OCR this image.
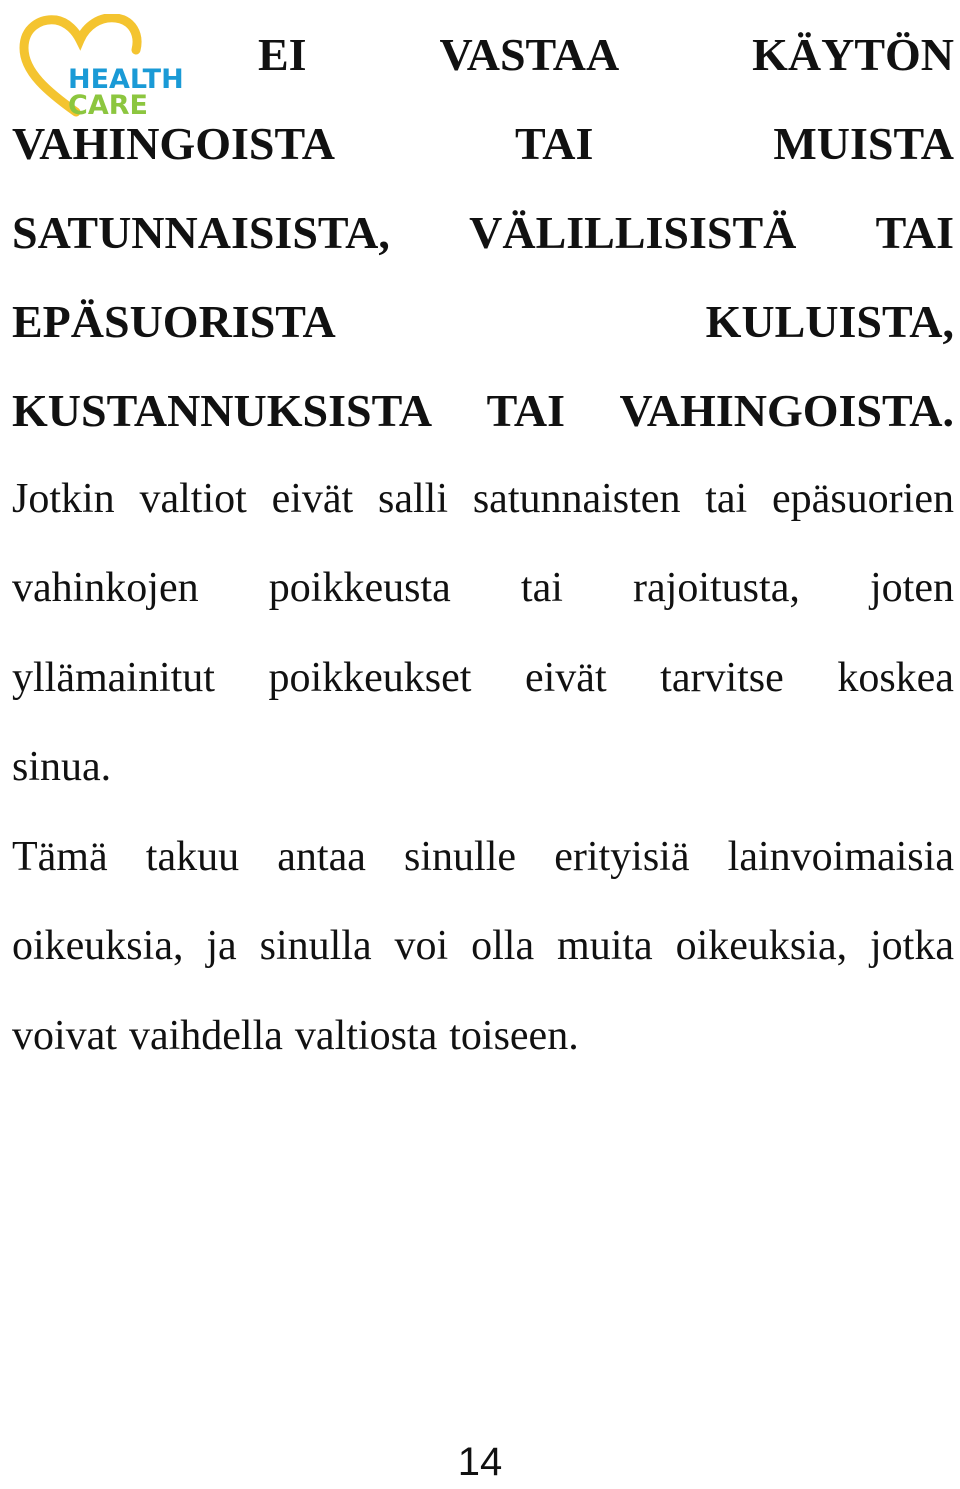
HEALTH
CARE
EI	VASTAA	KÄYTÖN
VAHINGOISTA	TAI	MUISTA
SATUNNAISISTA, VÄLILLISISTÄ TAI
EPÄSUORISTA	KULUISTA,
KUSTANNUKSISTA TAI VAHINGOISTA.
Jotkin valtiot eivät salli satunnaisten tai epäsuorien
vahinkojen poikkeusta tai rajoitusta, joten
yllämainitut poikkeukset eivät tarvitse koskea
sinua.
Tämä takuu antaa sinulle erityisiä lainvoimaisia
oikeuksia, ja sinulla voi olla muita oikeuksia, jotka
voivat vaihdella valtiosta toiseen.
14
